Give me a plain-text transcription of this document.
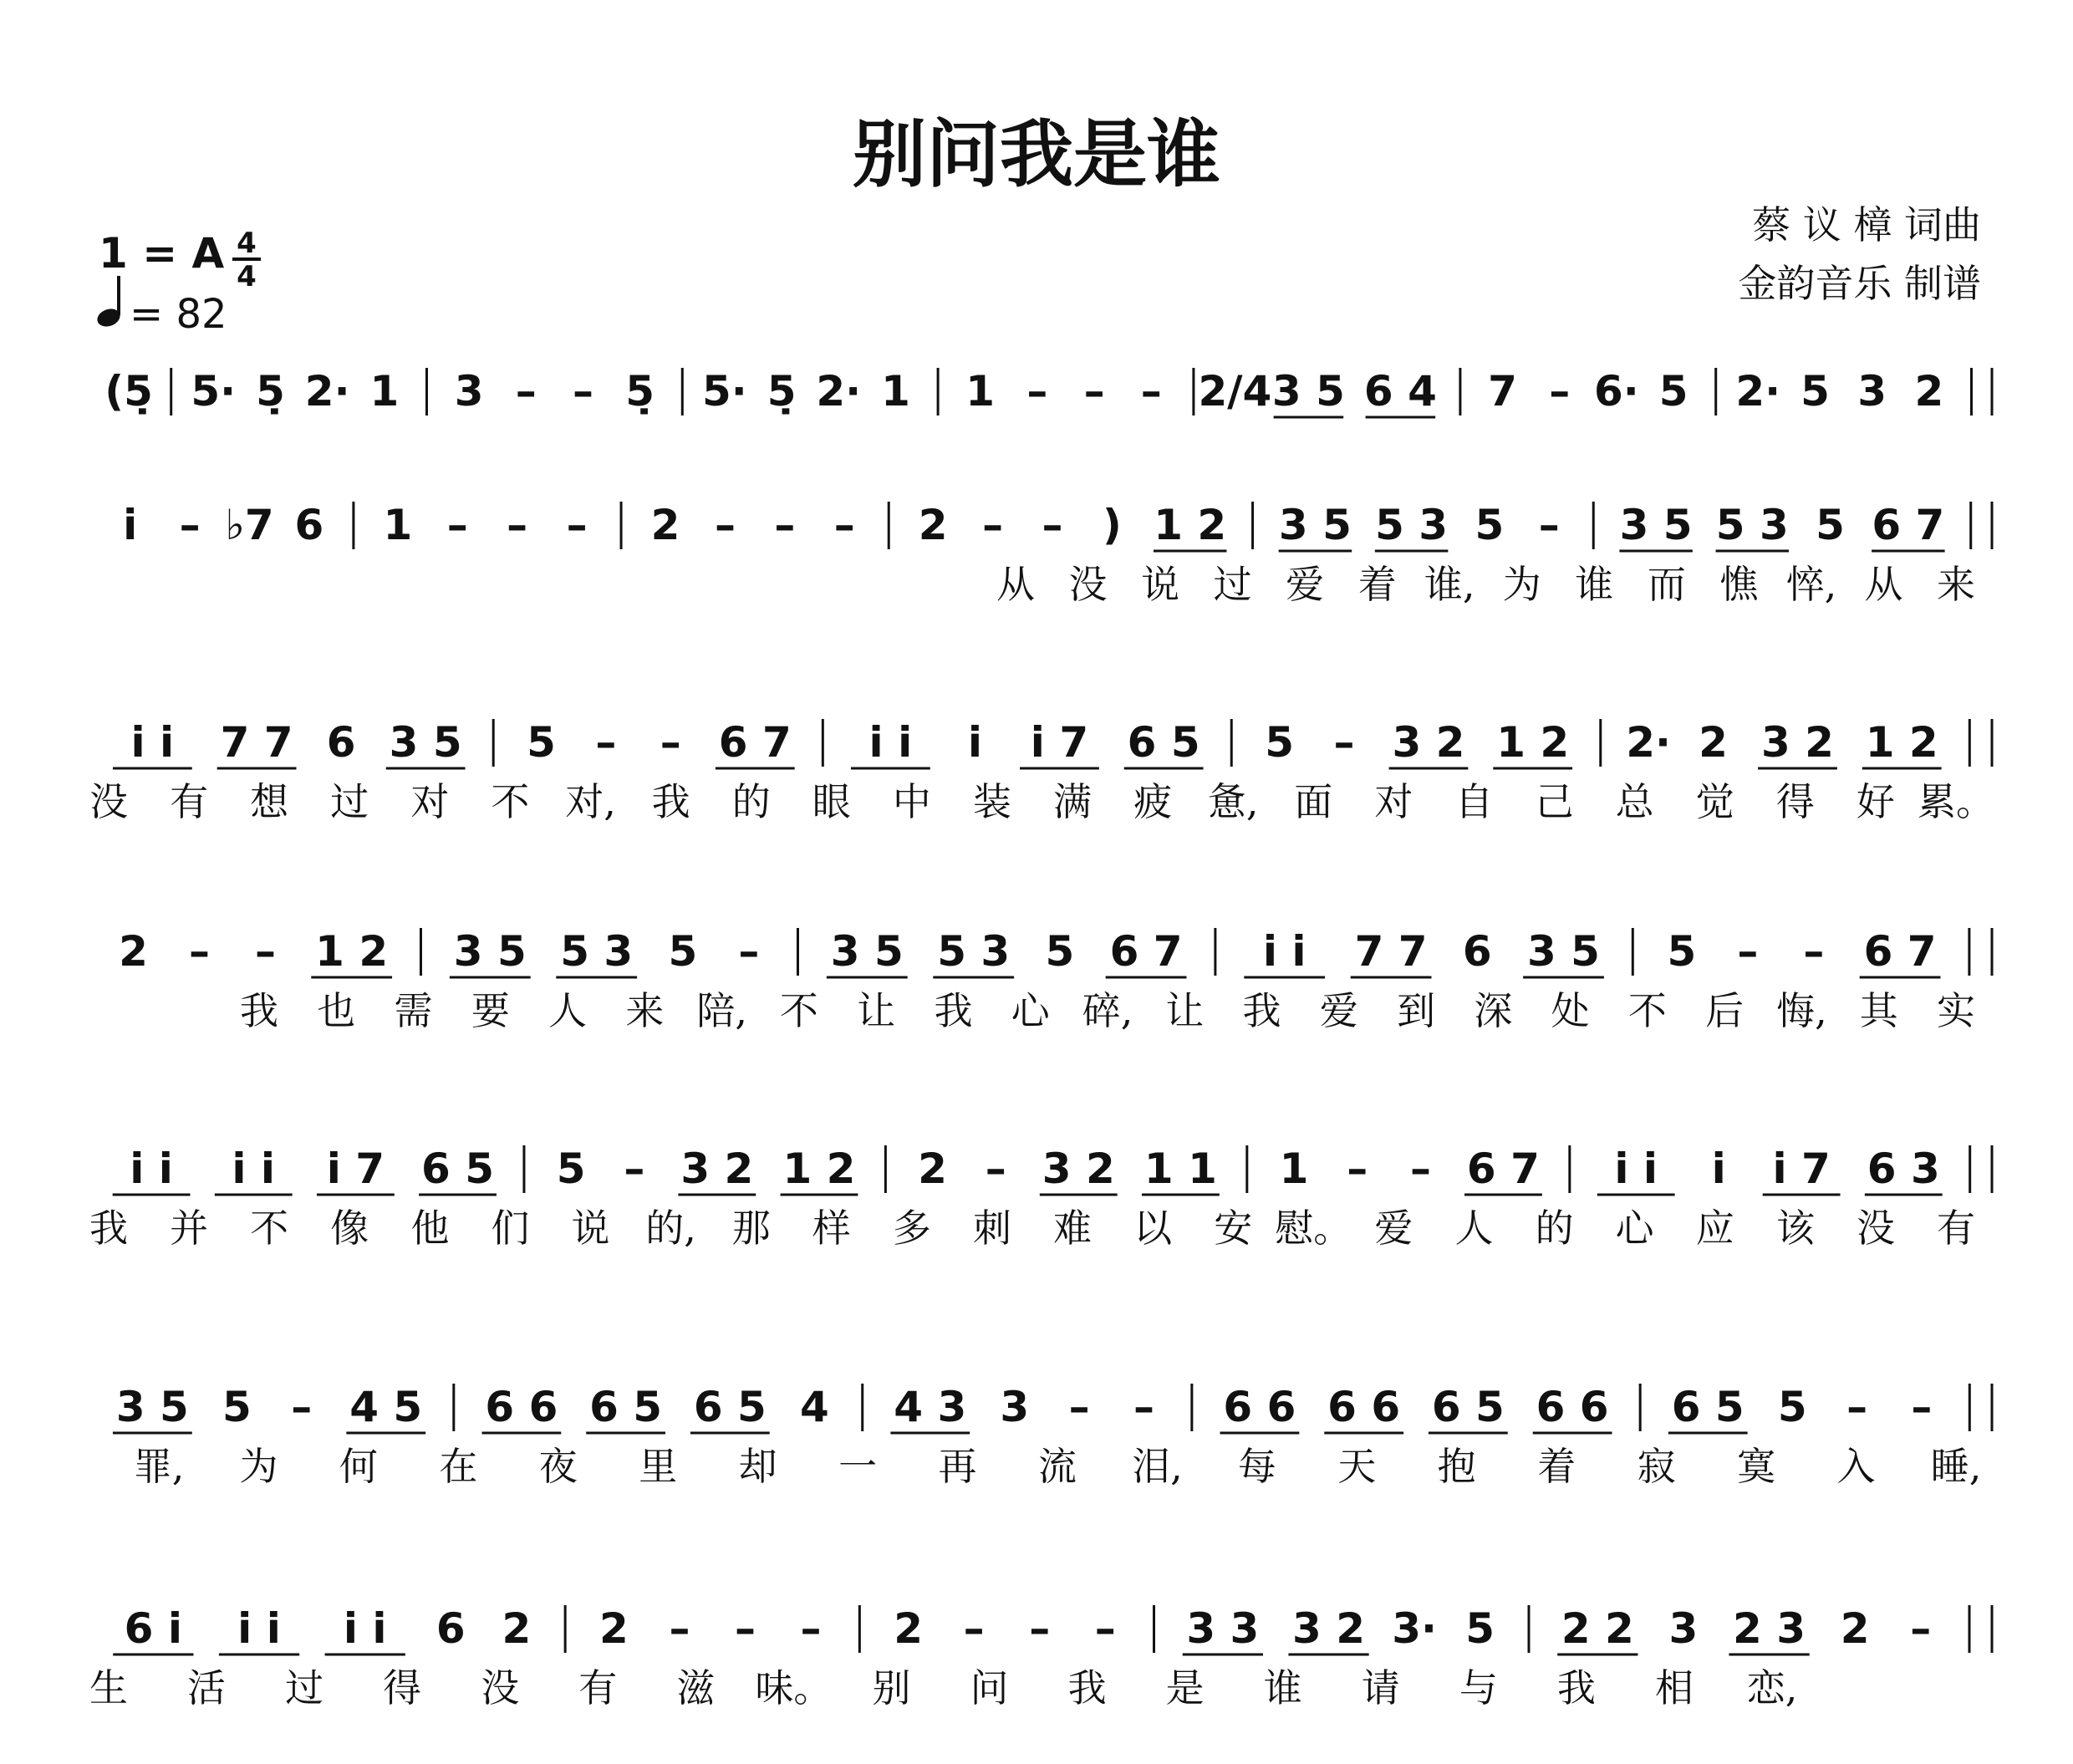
别问我是谁
蔡 议 樟 词曲
金韵音乐 制谱
1 = A 4
4
= 82
(5̣ 5· 5̣ 2· 1 3 – – 5̣ 5· 5̣ 2· 1 1 – – – 2/4 3 5 6 4 7 – 6· 5 2· 5 3 2
i – ♭7 6 1 – – – 2 – – – 2 – – ) 1 2 3 5 5 3 5 – 3 5 5 3 5 6 7
从 没 说 过 爱 着 谁, 为 谁 而 憔 悴, 从 来
i i 7 7 6 3 5 5 – – 6 7 i i i i 7 6 5 5 – 3 2 1 2 2· 2 3 2 1 2
没 有 想 过 对 不 对, 我 的 眼 中 装 满 疲 惫, 面 对 自 己 总 觉 得 好 累。
2 – – 1 2 3 5 5 3 5 – 3 5 5 3 5 6 7 i i 7 7 6 3 5 5 – – 6 7
我 也 需 要 人 来 陪, 不 让 我 心 碎, 让 我 爱 到 深 处 不 后 悔, 其 实
i i i i i 7 6 5 5 – 3 2 1 2 2 – 3 2 1 1 1 – – 6 7 i i i i 7 6 3
我 并 不 像 他 们 说 的, 那 样 多 刺 难 以 安 慰。 爱 人 的 心 应 该 没 有
3 5 5 – 4 5 6 6 6 5 6 5 4 4 3 3 – – 6 6 6 6 6 5 6 6 6 5 5 – –
罪, 为 何 在 夜 里 却 一 再 流 泪, 每 天 抱 着 寂 寞 入 睡,
6 i i i i i 6 2 2 – – – 2 – – – 3 3 3 2 3· 5 2 2 3 2 3 2 –
生 活 过 得 没 有 滋 味。 别 问 我 是 谁 请 与 我 相 恋,
